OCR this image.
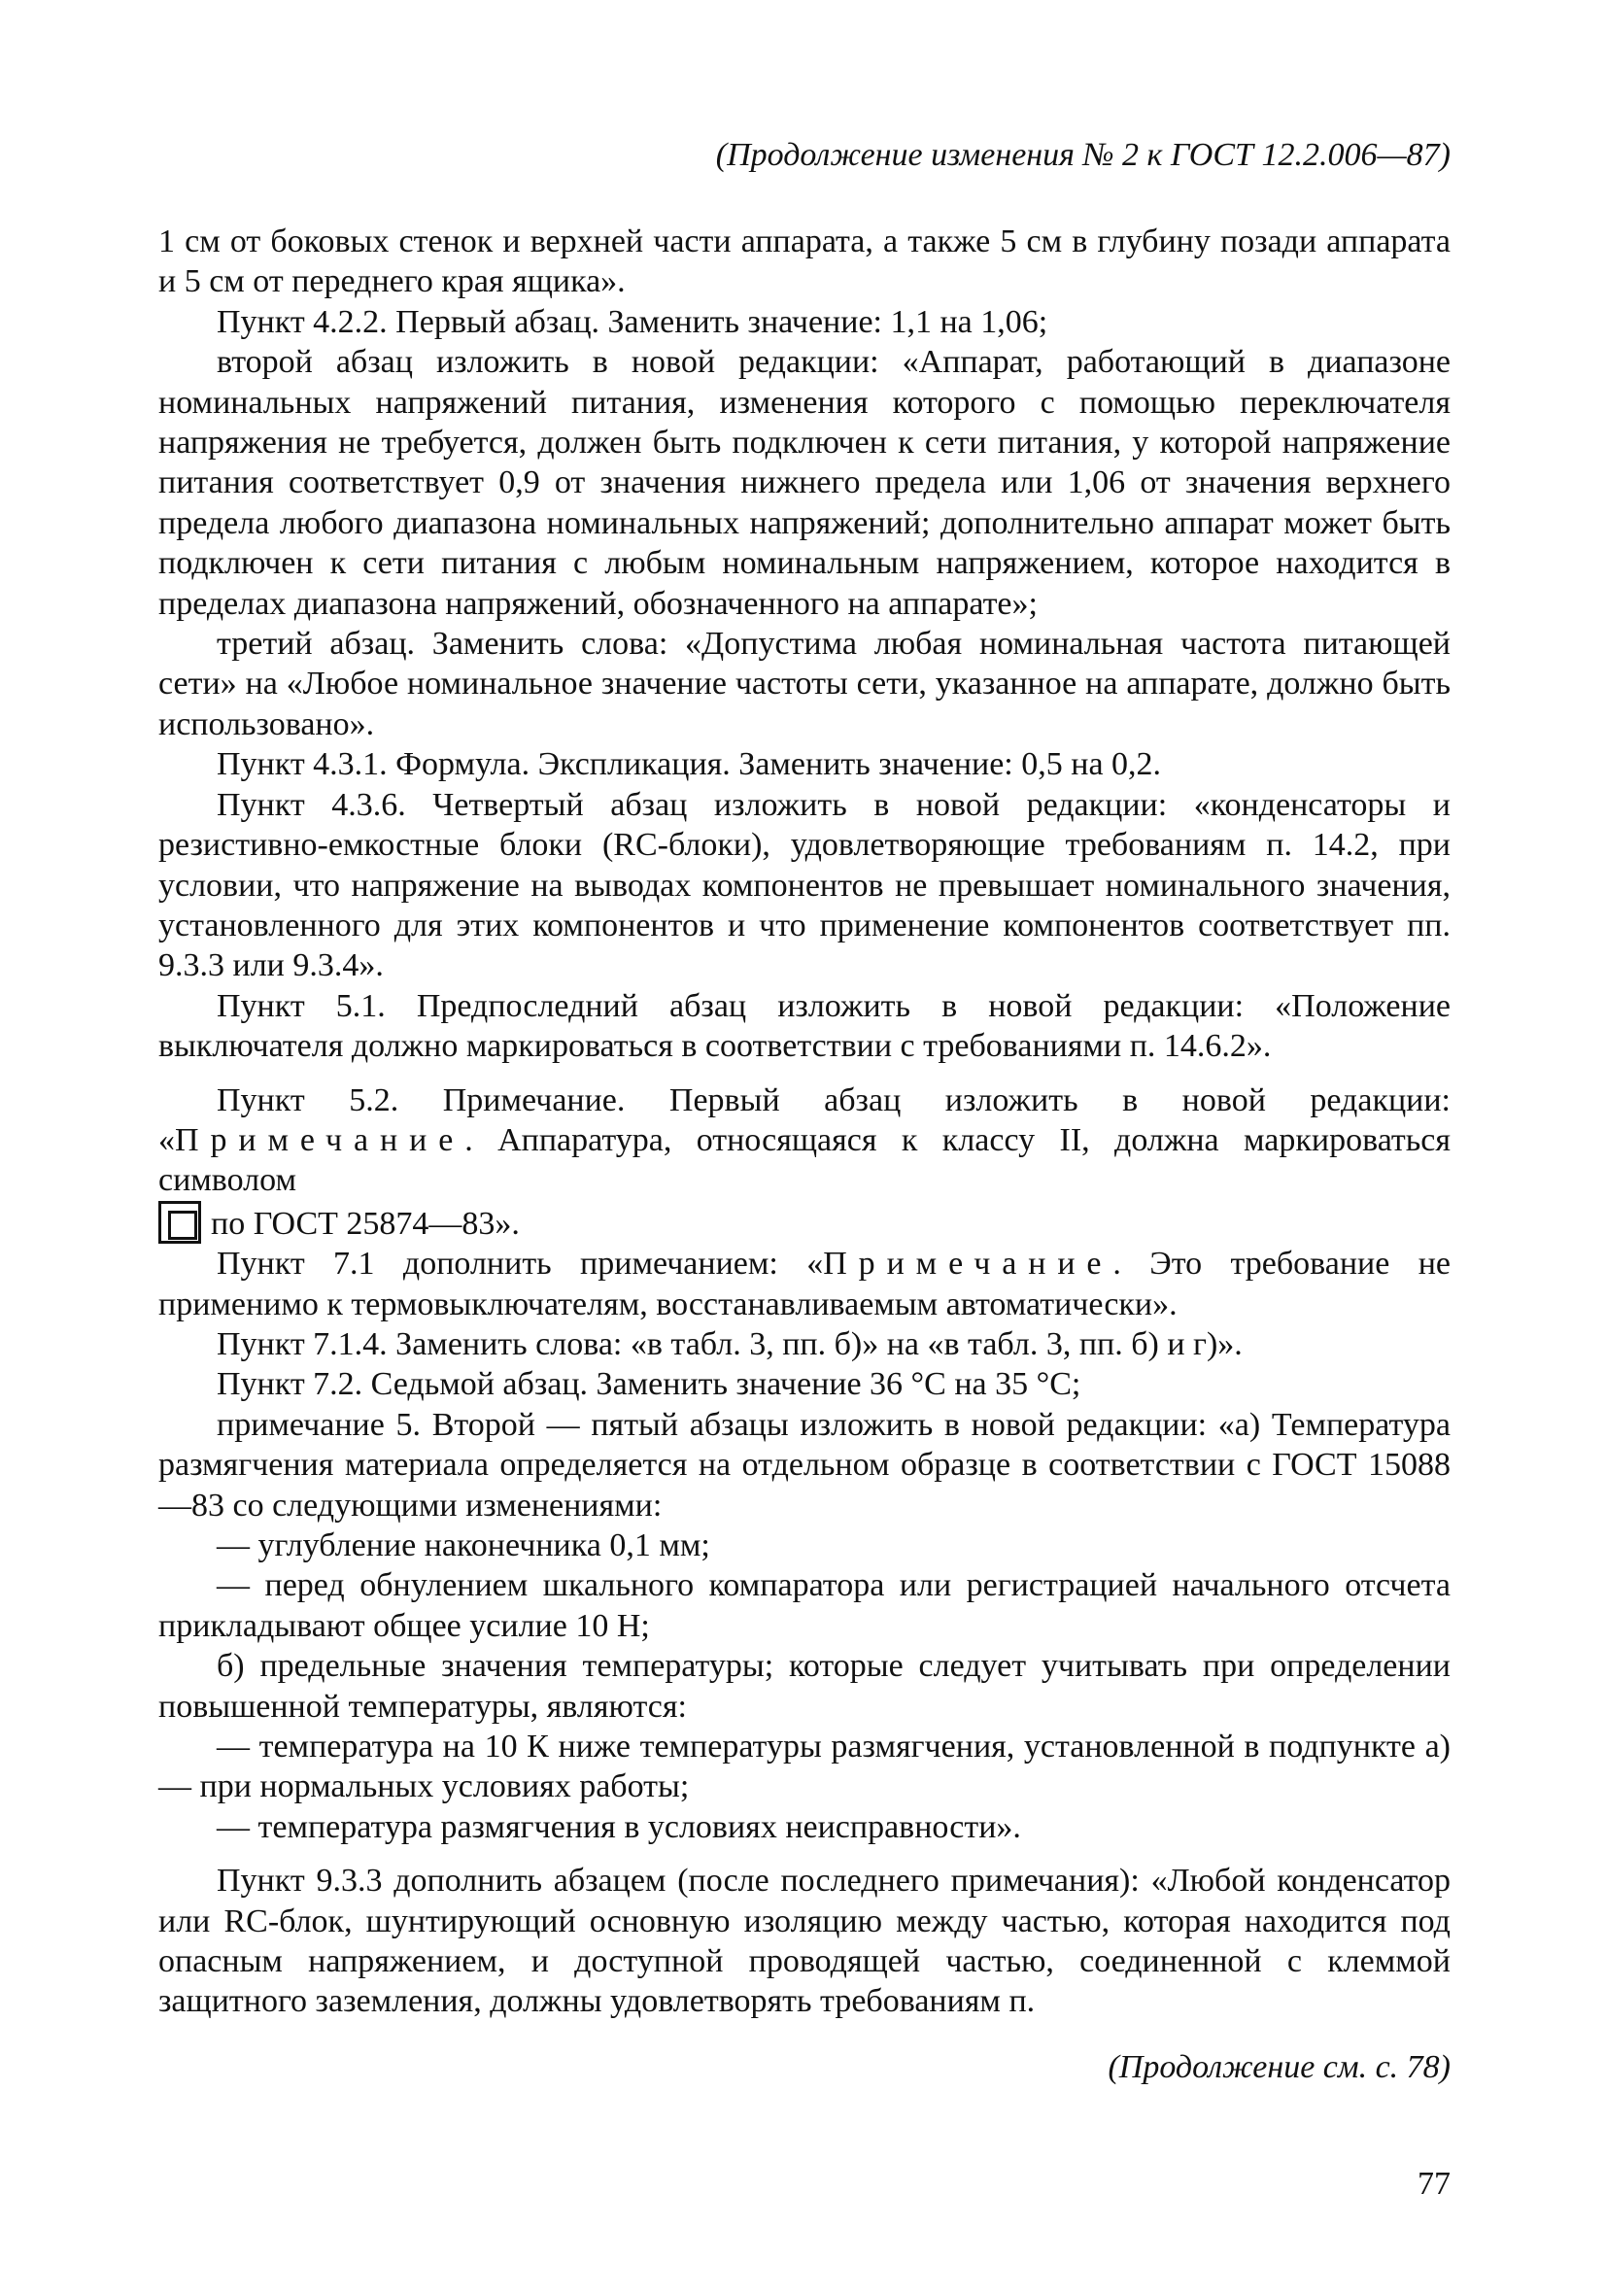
(Продолжение изменения № 2 к ГОСТ 12.2.006—87)

1 см от боковых стенок и верхней части аппарата, а также 5 см в глубину позади аппарата и 5 см от переднего края ящика».

Пункт 4.2.2. Первый абзац. Заменить значение: 1,1 на 1,06;

второй абзац изложить в новой редакции: «Аппарат, работающий в диапазоне номинальных напряжений питания, изменения которого с помощью переключателя напряжения не требуется, должен быть подключен к сети питания, у которой напряжение питания соответствует 0,9 от значения нижнего предела или 1,06 от значения верхнего предела любого диапазона номинальных напряжений; дополнительно аппарат может быть подключен к сети питания с любым номинальным напряжением, которое находится в пределах диапазона напряжений, обозначенного на аппарате»;

третий абзац. Заменить слова: «Допустима любая номинальная частота питающей сети» на «Любое номинальное значение частоты сети, указанное на аппарате, должно быть использовано».

Пункт 4.3.1. Формула. Экспликация. Заменить значение: 0,5 на 0,2.

Пункт 4.3.6. Четвертый абзац изложить в новой редакции: «конденсаторы и резистивно-емкостные блоки (RC-блоки), удовлетворяющие требованиям п. 14.2, при условии, что напряжение на выводах компонентов не превышает номинального значения, установленного для этих компонентов и что применение компонентов соответствует пп. 9.3.3 или 9.3.4».

Пункт 5.1. Предпоследний абзац изложить в новой редакции: «Положение выключателя должно маркироваться в соответствии с требованиями п. 14.6.2».

Пункт 5.2. Примечание. Первый абзац изложить в новой редакции: «Примечание. Аппаратура, относящаяся к классу II, должна маркироваться символом
по ГОСТ 25874—83».

Пункт 7.1 дополнить примечанием: «Примечание. Это требование не применимо к термовыключателям, восстанавливаемым автоматически».

Пункт 7.1.4. Заменить слова: «в табл. 3, пп. б)» на «в табл. 3, пп. б) и г)».

Пункт 7.2. Седьмой абзац. Заменить значение 36 °С на 35 °С;

примечание 5. Второй — пятый абзацы изложить в новой редакции: «а) Температура размягчения материала определяется на отдельном образце в соответствии с ГОСТ 15088—83 со следующими изменениями:

— углубление наконечника 0,1 мм;

— перед обнулением шкального компаратора или регистрацией начального отсчета прикладывают общее усилие 10 Н;

б) предельные значения температуры; которые следует учитывать при определении повышенной температуры, являются:

— температура на 10 К ниже температуры размягчения, установленной в подпункте а) — при нормальных условиях работы;

— температура размягчения в условиях неисправности».

Пункт 9.3.3 дополнить абзацем (после последнего примечания): «Любой конденсатор или RC-блок, шунтирующий основную изоляцию между частью, которая находится под опасным напряжением, и доступной проводящей частью, соединенной с клеммой защитного заземления, должны удовлетворять требованиям п.

(Продолжение см. с. 78)
77
